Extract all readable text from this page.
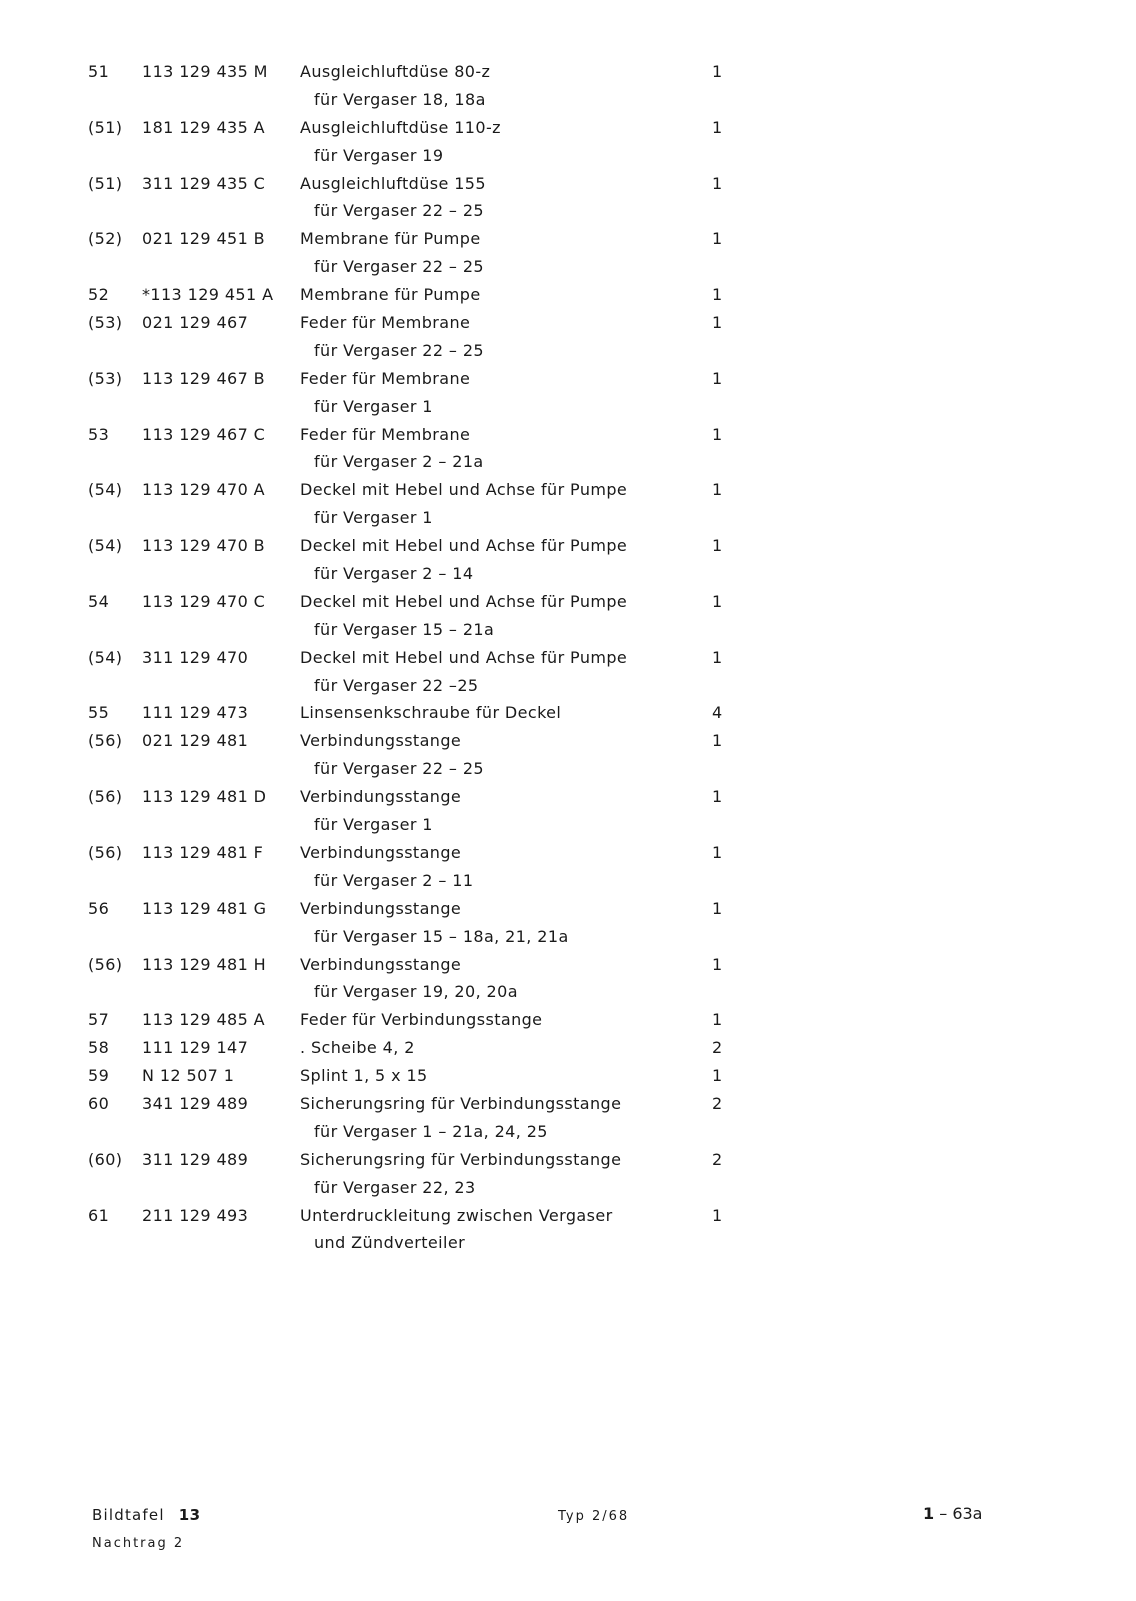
51	113 129 435 M	Ausgleichluftdüse 80-z	1
für Vergaser 18, 18a
(51)	181 129 435 A	Ausgleichluftdüse 110-z	1
für Vergaser 19
(51)	311 129 435 C	Ausgleichluftdüse 155	1
für Vergaser 22 – 25
(52)	021 129 451 B	Membrane für Pumpe	1
für Vergaser 22 – 25
52	*113 129 451 A	Membrane für Pumpe	1
(53)	021 129 467	Feder für Membrane	1
für Vergaser 22 – 25
(53)	113 129 467 B	Feder für Membrane	1
für Vergaser 1
53	113 129 467 C	Feder für Membrane	1
für Vergaser 2 – 21a
(54)	113 129 470 A	Deckel mit Hebel und Achse für Pumpe	1
für Vergaser 1
(54)	113 129 470 B	Deckel mit Hebel und Achse für Pumpe	1
für Vergaser 2 – 14
54	113 129 470 C	Deckel mit Hebel und Achse für Pumpe	1
für Vergaser 15 – 21a
(54)	311 129 470	Deckel mit Hebel und Achse für Pumpe	1
für Vergaser 22 –25
55	111 129 473	Linsensenkschraube für Deckel	4
(56)	021 129 481	Verbindungsstange	1
für Vergaser 22 – 25
(56)	113 129 481 D	Verbindungsstange	1
für Vergaser 1
(56)	113 129 481 F	Verbindungsstange	1
für Vergaser 2 – 11
56	113 129 481 G	Verbindungsstange	1
für Vergaser 15 – 18a, 21, 21a
(56)	113 129 481 H	Verbindungsstange	1
für Vergaser 19, 20, 20a
57	113 129 485 A	Feder für Verbindungsstange	1
58	111 129 147	. Scheibe 4, 2	2
59	N 12 507 1	Splint 1, 5 x 15	1
60	341 129 489	Sicherungsring für Verbindungsstange	2
für Vergaser 1 – 21a, 24, 25
(60)	311 129 489	Sicherungsring für Verbindungsstange	2
für Vergaser 22, 23
61	211 129 493	Unterdruckleitung zwischen Vergaser	1
und Zündverteiler
Bildtafel 13
Nachtrag 2
Typ 2/68	1 – 63a
